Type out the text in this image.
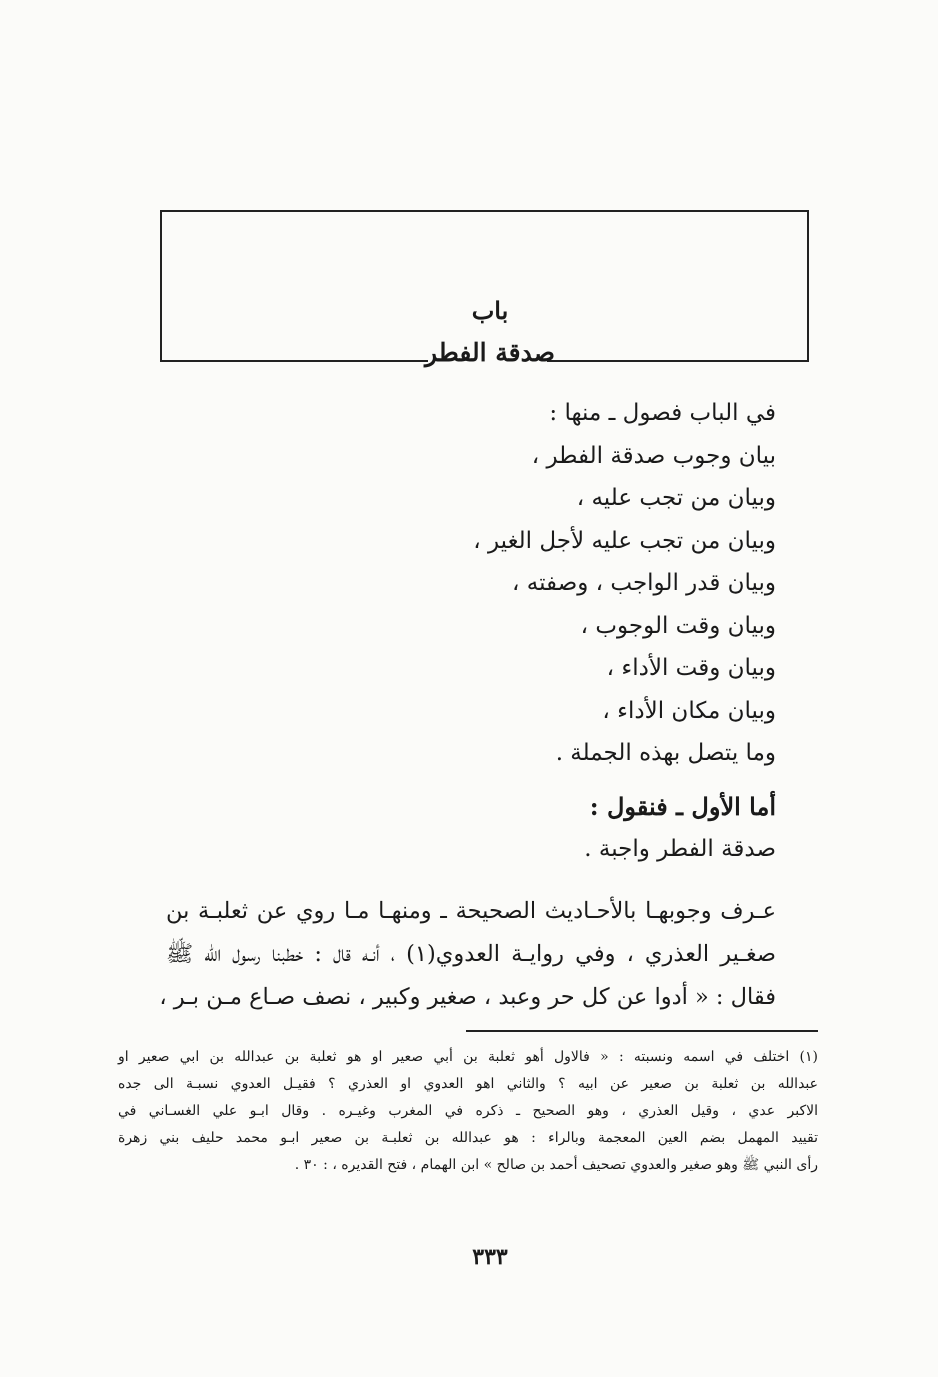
باب
صدقة الفطر
في الباب فصول ـ منها :
بيان وجوب صدقة الفطر ،
وبيان من تجب عليه ،
وبيان من تجب عليه لأجل الغير ،
وبيان قدر الواجب ، وصفته ،
وبيان وقت الوجوب ،
وبيان وقت الأداء ،
وبيان مكان الأداء ،
وما يتصل بهذه الجملة .
أما الأول ـ فنقول :
صدقة الفطر واجبة .
عـرف وجوبهـا بالأحـاديث الصحيحة ـ ومنهـا مـا روي عن ثعلبـة بن
صغـير العذري ، وفي روايـة العدوي(١) ، أنـه قال : خطبنا رسول الله ﷺ
فقال : « أدوا عن كل حر وعبد ، صغير وكبير ، نصف صـاع مـن بـر ،
(١) اختلف في اسمه ونسبته : « فالاول أهو ثعلبة بن أبي صعير او هو ثعلبة بن عبدالله بن ابي صعير او
عبدالله بن ثعلبة بن صعير عن ابيه ؟ والثاني اهو العدوي او العذري ؟ فقيـل العدوي نسبـة الى جده
الاكبر عدي ، وقيل العذري ، وهو الصحيح ـ ذكره في المغرب وغيـره . وقال ابـو علي الغسـاني في
تقييد المهمل بضم العين المعجمة وبالراء : هو عبدالله بن ثعلبـة بن صعير ابـو محمد حليف بني زهرة
رأى النبي ﷺ وهو صغير والعدوي تصحيف أحمد بن صالح » ابن الهمام ، فتح القديره ، : ٣٠ .
٣٣٣
